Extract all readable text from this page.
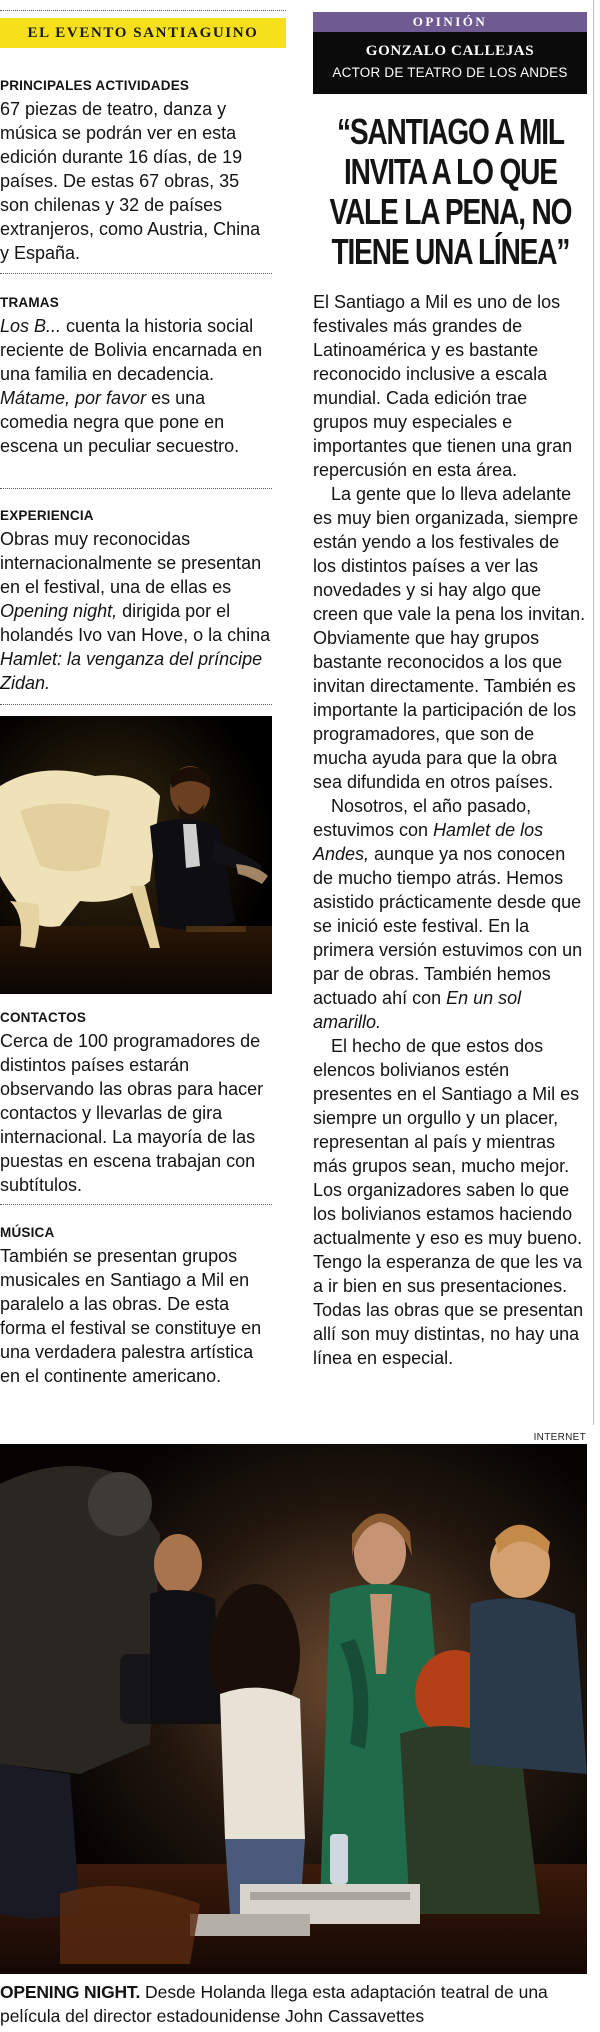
EL EVENTO SANTIAGUINO
PRINCIPALES ACTIVIDADES

67 piezas de teatro, danza y música se podrán ver en esta edición durante 16 días, de 19 países. De estas 67 obras, 35 son chilenas y 32 de países extranjeros, como Austria, China y España.

TRAMAS

Los B... cuenta la historia social reciente de Bolivia encarnada en una familia en decadencia. Mátame, por favor es una comedia negra que pone en escena un peculiar secuestro.

EXPERIENCIA

Obras muy reconocidas internacionalmente se presentan en el festival, una de ellas es Opening night, dirigida por el holandés Ivo van Hove, o la china Hamlet: la venganza del príncipe Zidan.

CONTACTOS

Cerca de 100 programadores de distintos países estarán observando las obras para hacer contactos y llevarlas de gira internacional. La mayoría de las puestas en escena trabajan con subtítulos.

MÚSICA

También se presentan grupos musicales en Santiago a Mil en paralelo a las obras. De esta forma el festival se constituye en una verdadera palestra artística en el continente americano.

OPINIÓN
GONZALO CALLEJAS
ACTOR DE TEATRO DE LOS ANDES
“SANTIAGO A MIL INVITA A LO QUE VALE LA PENA, NO TIENE UNA LÍNEA”

El Santiago a Mil es uno de los festivales más grandes de Latinoamérica y es bastante reconocido inclusive a escala mundial. Cada edición trae grupos muy especiales e importantes que tienen una gran repercusión en esta área.

La gente que lo lleva adelante es muy bien organizada, siempre están yendo a los festivales de los distintos países a ver las novedades y si hay algo que creen que vale la pena los invitan. Obviamente que hay grupos bastante reconocidos a los que invitan directamente. También es importante la participación de los programadores, que son de mucha ayuda para que la obra sea difundida en otros países.

Nosotros, el año pasado, estuvimos con Hamlet de los Andes, aunque ya nos conocen de mucho tiempo atrás. Hemos asistido prácticamente desde que se inició este festival. En la primera versión estuvimos con un par de obras. También hemos actuado ahí con En un sol amarillo.

El hecho de que estos dos elencos bolivianos estén presentes en el Santiago a Mil es siempre un orgullo y un placer, representan al país y mientras más grupos sean, mucho mejor. Los organizadores saben lo que los bolivianos estamos haciendo actualmente y eso es muy bueno. Tengo la esperanza de que les va a ir bien en sus presentaciones. Todas las obras que se presentan allí son muy distintas, no hay una línea en especial.

INTERNET
OPENING NIGHT. Desde Holanda llega esta adaptación teatral de una película del director estadounidense John Cassavettes
